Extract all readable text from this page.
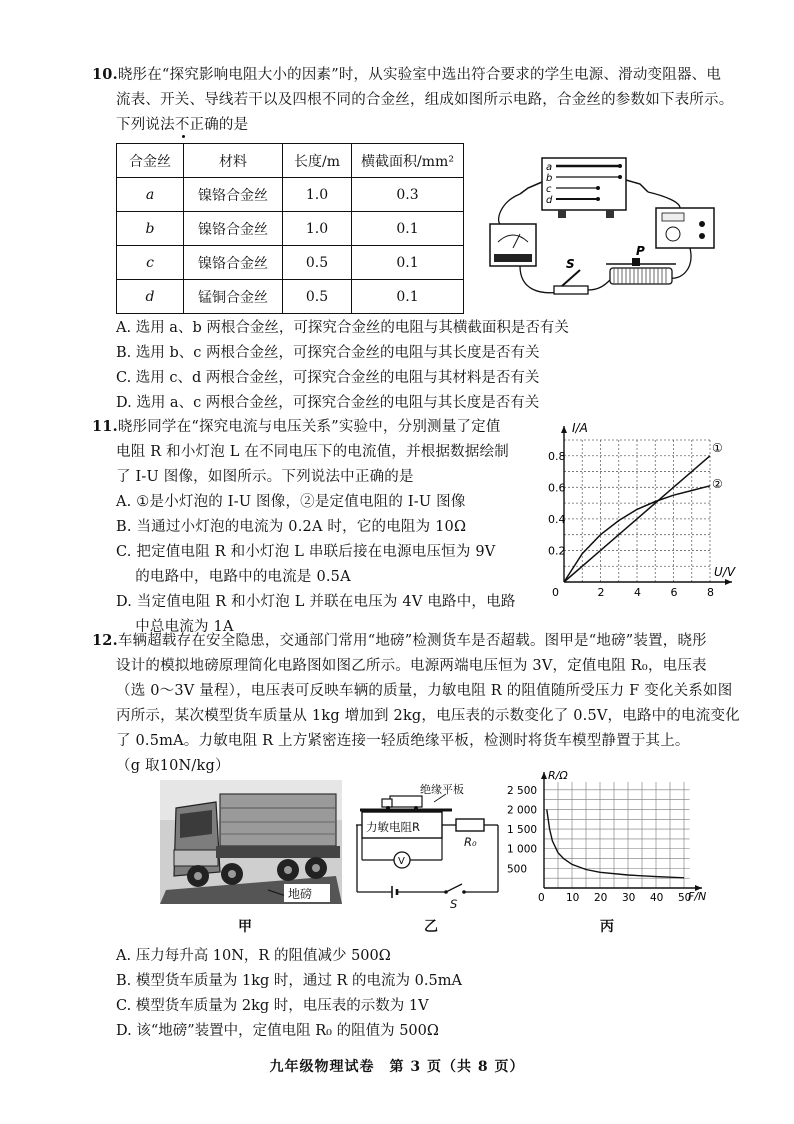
10.晓彤在“探究影响电阻大小的因素”时，从实验室中选出符合要求的学生电源、滑动变阻器、电
流表、开关、导线若干以及四根不同的合金丝，组成如图所示电路，合金丝的参数如下表所示。
下列说法不正确的是
合金丝	材料	长度/m	横截面积/mm²
a	镍铬合金丝	1.0	0.3
b	镍铬合金丝	1.0	0.1
c	镍铬合金丝	0.5	0.1
d	锰铜合金丝	0.5	0.1
a
b
c
d
S
P
A. 选用 a、b 两根合金丝，可探究合金丝的电阻与其横截面积是否有关
B. 选用 b、c 两根合金丝，可探究合金丝的电阻与其长度是否有关
C. 选用 c、d 两根合金丝，可探究合金丝的电阻与其材料是否有关
D. 选用 a、c 两根合金丝，可探究合金丝的电阻与其长度是否有关
11.晓彤同学在“探究电流与电压关系”实验中，分别测量了定值
电阻 R 和小灯泡 L 在不同电压下的电流值，并根据数据绘制
了 I-U 图像，如图所示。下列说法中正确的是
A. ①是小灯泡的 I-U 图像，②是定值电阻的 I-U 图像
B. 当通过小灯泡的电流为 0.2A 时，它的电阻为 10Ω
C. 把定值电阻 R 和小灯泡 L 串联后接在电源电压恒为 9V
的电路中，电路中的电流是 0.5A
D. 当定值电阻 R 和小灯泡 L 并联在电压为 4V 电路中，电路
中总电流为 1A
I/A
U/V
0	2	4	6	8
0.2
0.4
0.6
0.8
①
②
12.车辆超载存在安全隐患，交通部门常用“地磅”检测货车是否超载。图甲是“地磅”装置，晓彤
设计的模拟地磅原理简化电路图如图乙所示。电源两端电压恒为 3V，定值电阻 R₀，电压表
（选 0～3V 量程），电压表可反映车辆的质量，力敏电阻 R 的阻值随所受压力 F 变化关系如图
丙所示，某次模型货车质量从 1kg 增加到 2kg，电压表的示数变化了 0.5V，电路中的电流变化
了 0.5mA。力敏电阻 R 上方紧密连接一轻质绝缘平板，检测时将货车模型静置于其上。
（g 取10N/kg）
地磅
甲
绝缘平板
力敏电阻R
R₀
V
S
乙
R/Ω
F/N
0 10 20 30 40 50
500
1 000
1 500
2 000
2 500
丙
A. 压力每升高 10N，R 的阻值减少 500Ω
B. 模型货车质量为 1kg 时，通过 R 的电流为 0.5mA
C. 模型货车质量为 2kg 时，电压表的示数为 1V
D. 该“地磅”装置中，定值电阻 R₀ 的阻值为 500Ω
九年级物理试卷　第 3 页（共 8 页）
